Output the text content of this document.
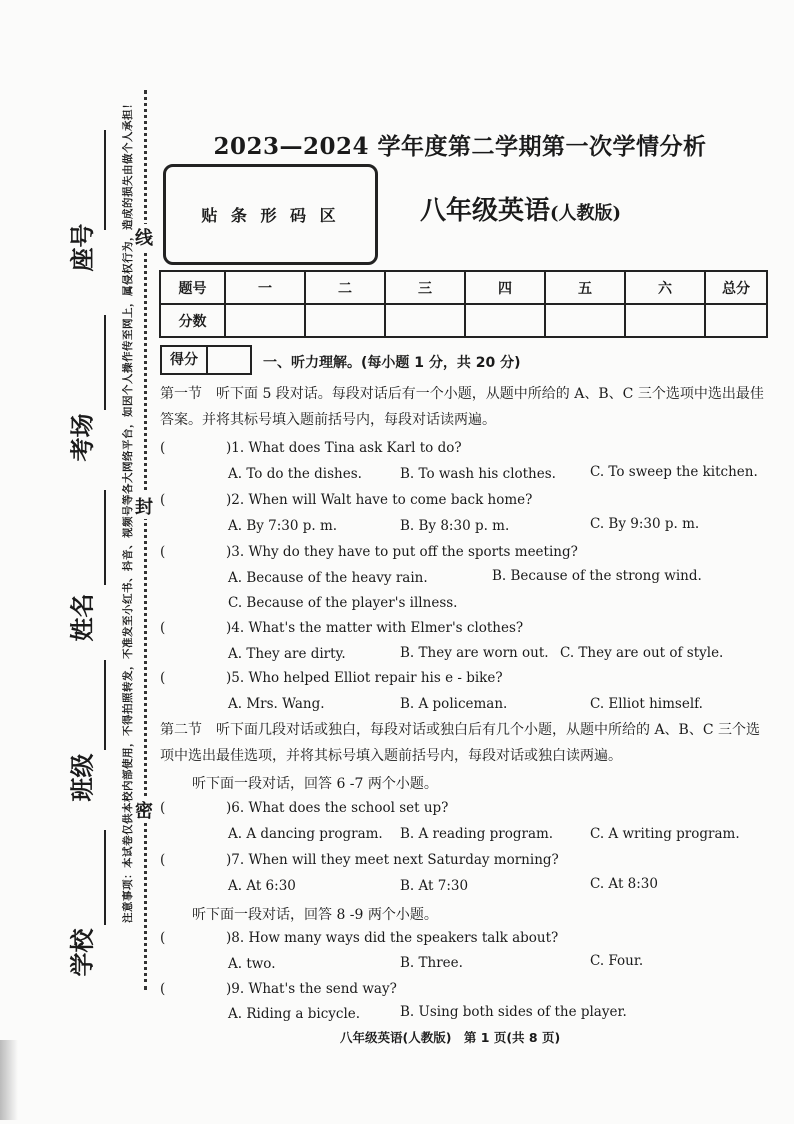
注意事项：本试卷仅供本校内部使用，不得拍照转发，不准发至小红书、抖音、视频号等各大网络平台，如因个人操作传至网上，属侵权行为，造成的损失由做个人承担！
座号
考场
姓名
班级
学校
线
封
密
2023—2024 学年度第二学期第一次学情分析
贴 条 形 码 区	八年级英语(人教版)
题号	一	二	三	四	五	六	总分
分数							
得分	一、听力理解。(每小题 1 分，共 20 分)
第一节　听下面 5 段对话。每段对话后有一个小题，从题中所给的 A、B、C 三个选项中选出最佳答案。并将其标号填入题前括号内，每段对话读两遍。
(	)1. What does Tina ask Karl to do?
A. To do the dishes.	B. To wash his clothes.	C. To sweep the kitchen.
(	)2. When will Walt have to come back home?
A. By 7:30 p. m.	B. By 8:30 p. m.	C. By 9:30 p. m.
(	)3. Why do they have to put off the sports meeting?
A. Because of the heavy rain.	B. Because of the strong wind.
C. Because of the player's illness.
(	)4. What's the matter with Elmer's clothes?
A. They are dirty.	B. They are worn out. C. They are out of style.
(	)5. Who helped Elliot repair his e - bike?
A. Mrs. Wang.	B. A policeman.	C. Elliot himself.
第二节　听下面几段对话或独白，每段对话或独白后有几个小题，从题中所给的 A、B、C 三个选项中选出最佳选项，并将其标号填入题前括号内，每段对话或独白读两遍。
听下面一段对话，回答 6 -7 两个小题。
(	)6. What does the school set up?
A. A dancing program. B. A reading program.	C. A writing program.
(	)7. When will they meet next Saturday morning?
A. At 6:30	B. At 7:30	C. At 8:30
听下面一段对话，回答 8 -9 两个小题。
(	)8. How many ways did the speakers talk about?
A. two.	B. Three.	C. Four.
(	)9. What's the send way?
A. Riding a bicycle.	B. Using both sides of the player.
八年级英语(人教版)　第 1 页(共 8 页)
